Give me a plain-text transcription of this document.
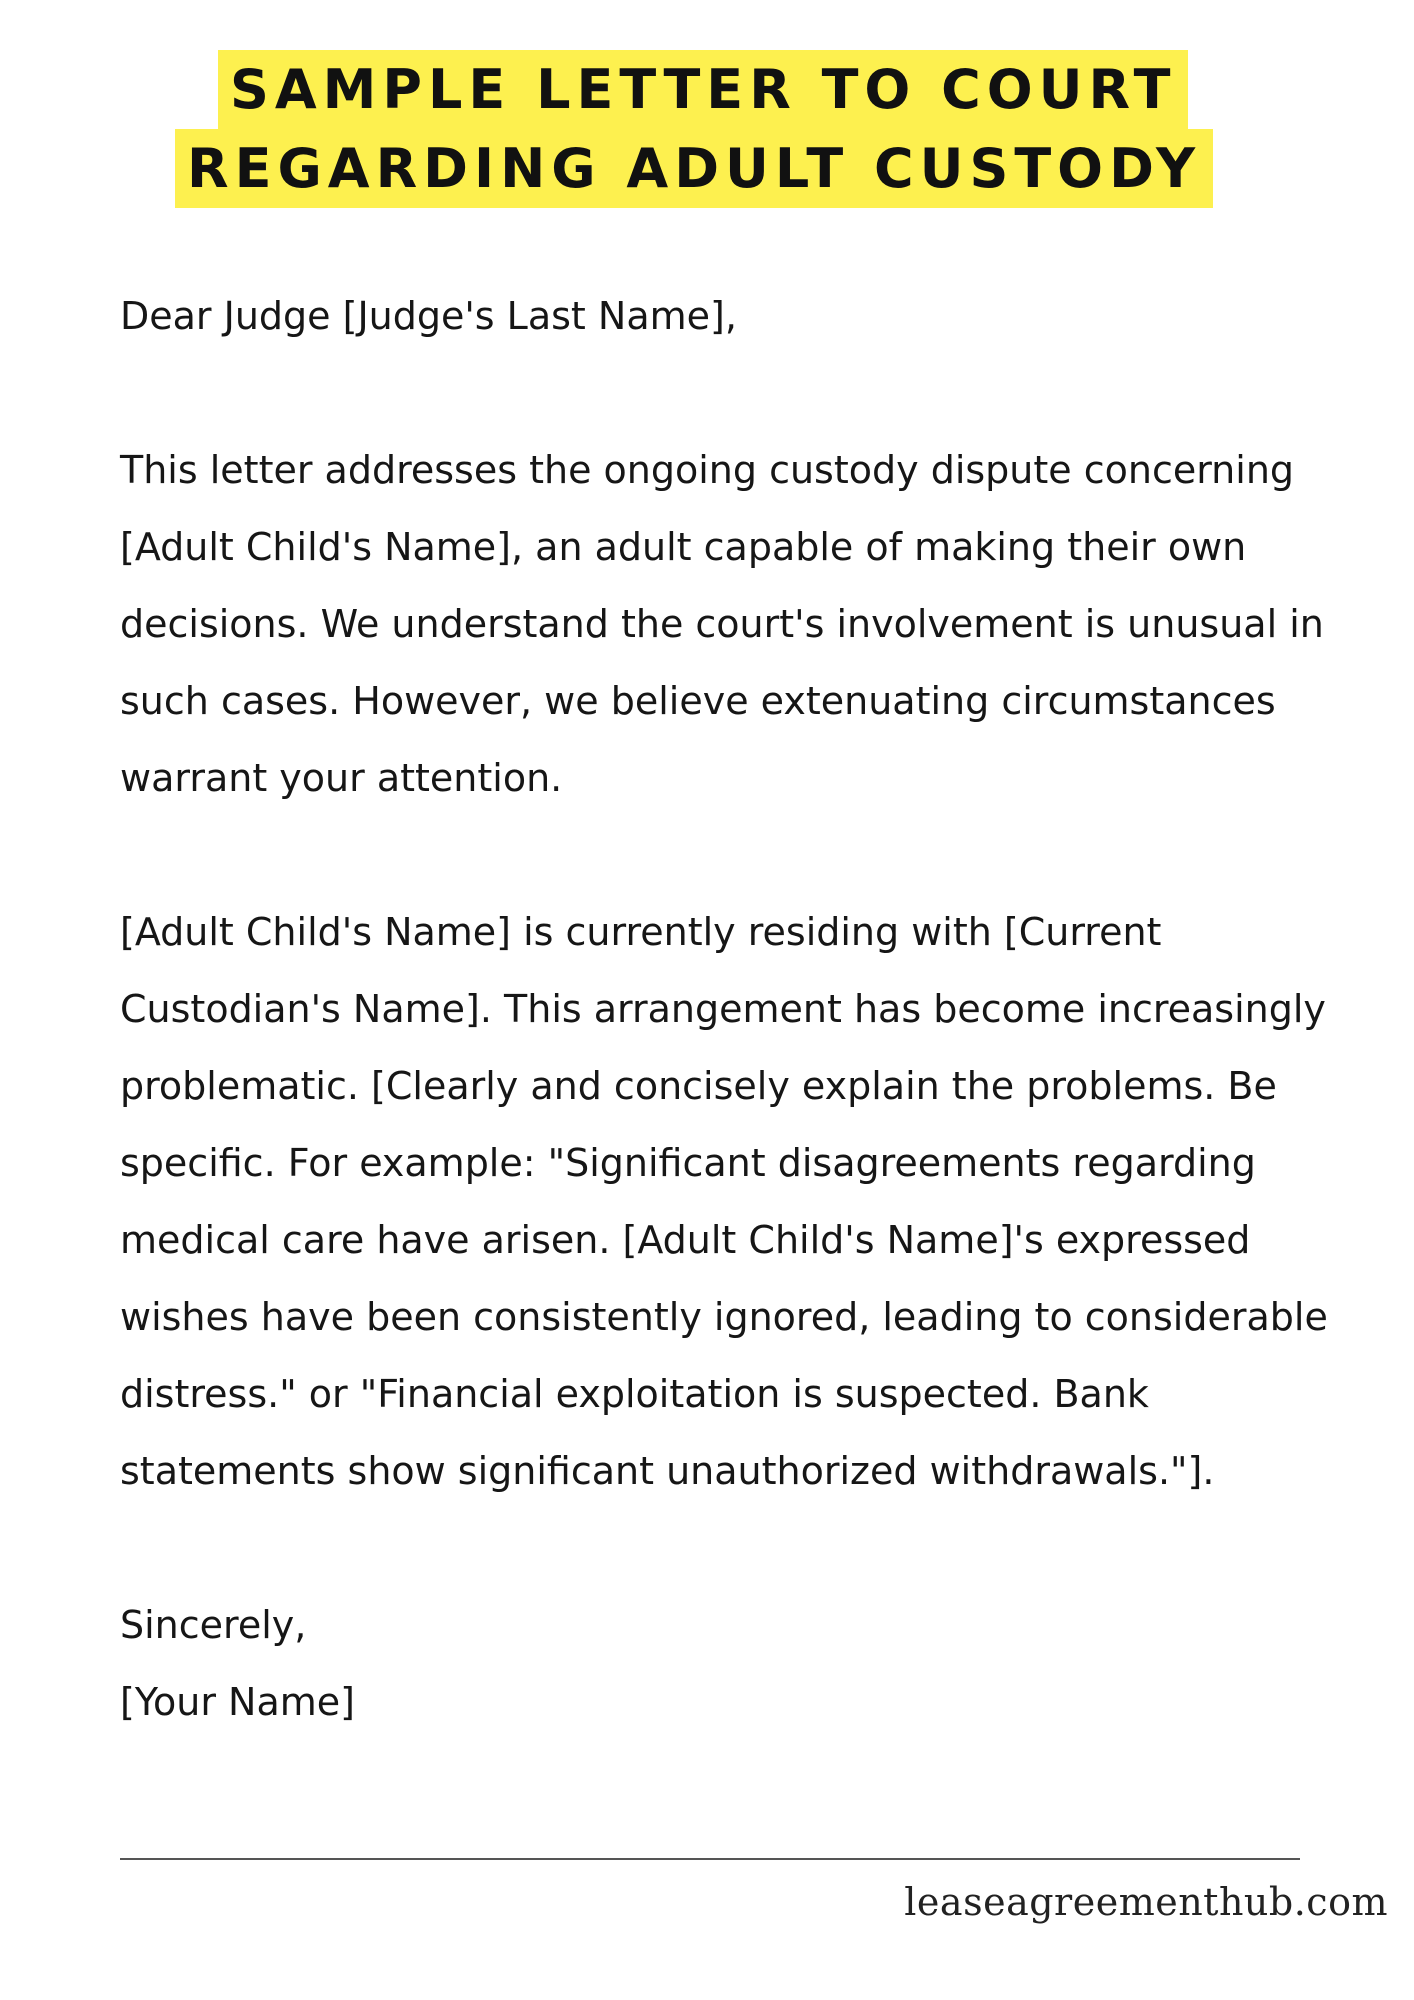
SAMPLE LETTER TO COURT
REGARDING ADULT CUSTODY

Dear Judge [Judge's Last Name],

This letter addresses the ongoing custody dispute concerning [Adult Child's Name], an adult capable of making their own decisions. We understand the court's involvement is unusual in such cases. However, we believe extenuating circumstances warrant your attention.

[Adult Child's Name] is currently residing with [Current Custodian's Name]. This arrangement has become increasingly problematic. [Clearly and concisely explain the problems. Be specific. For example: "Significant disagreements regarding medical care have arisen. [Adult Child's Name]'s expressed wishes have been consistently ignored, leading to considerable distress." or "Financial exploitation is suspected. Bank statements show significant unauthorized withdrawals."].

Sincerely,

[Your Name]

leaseagreementhub.com
